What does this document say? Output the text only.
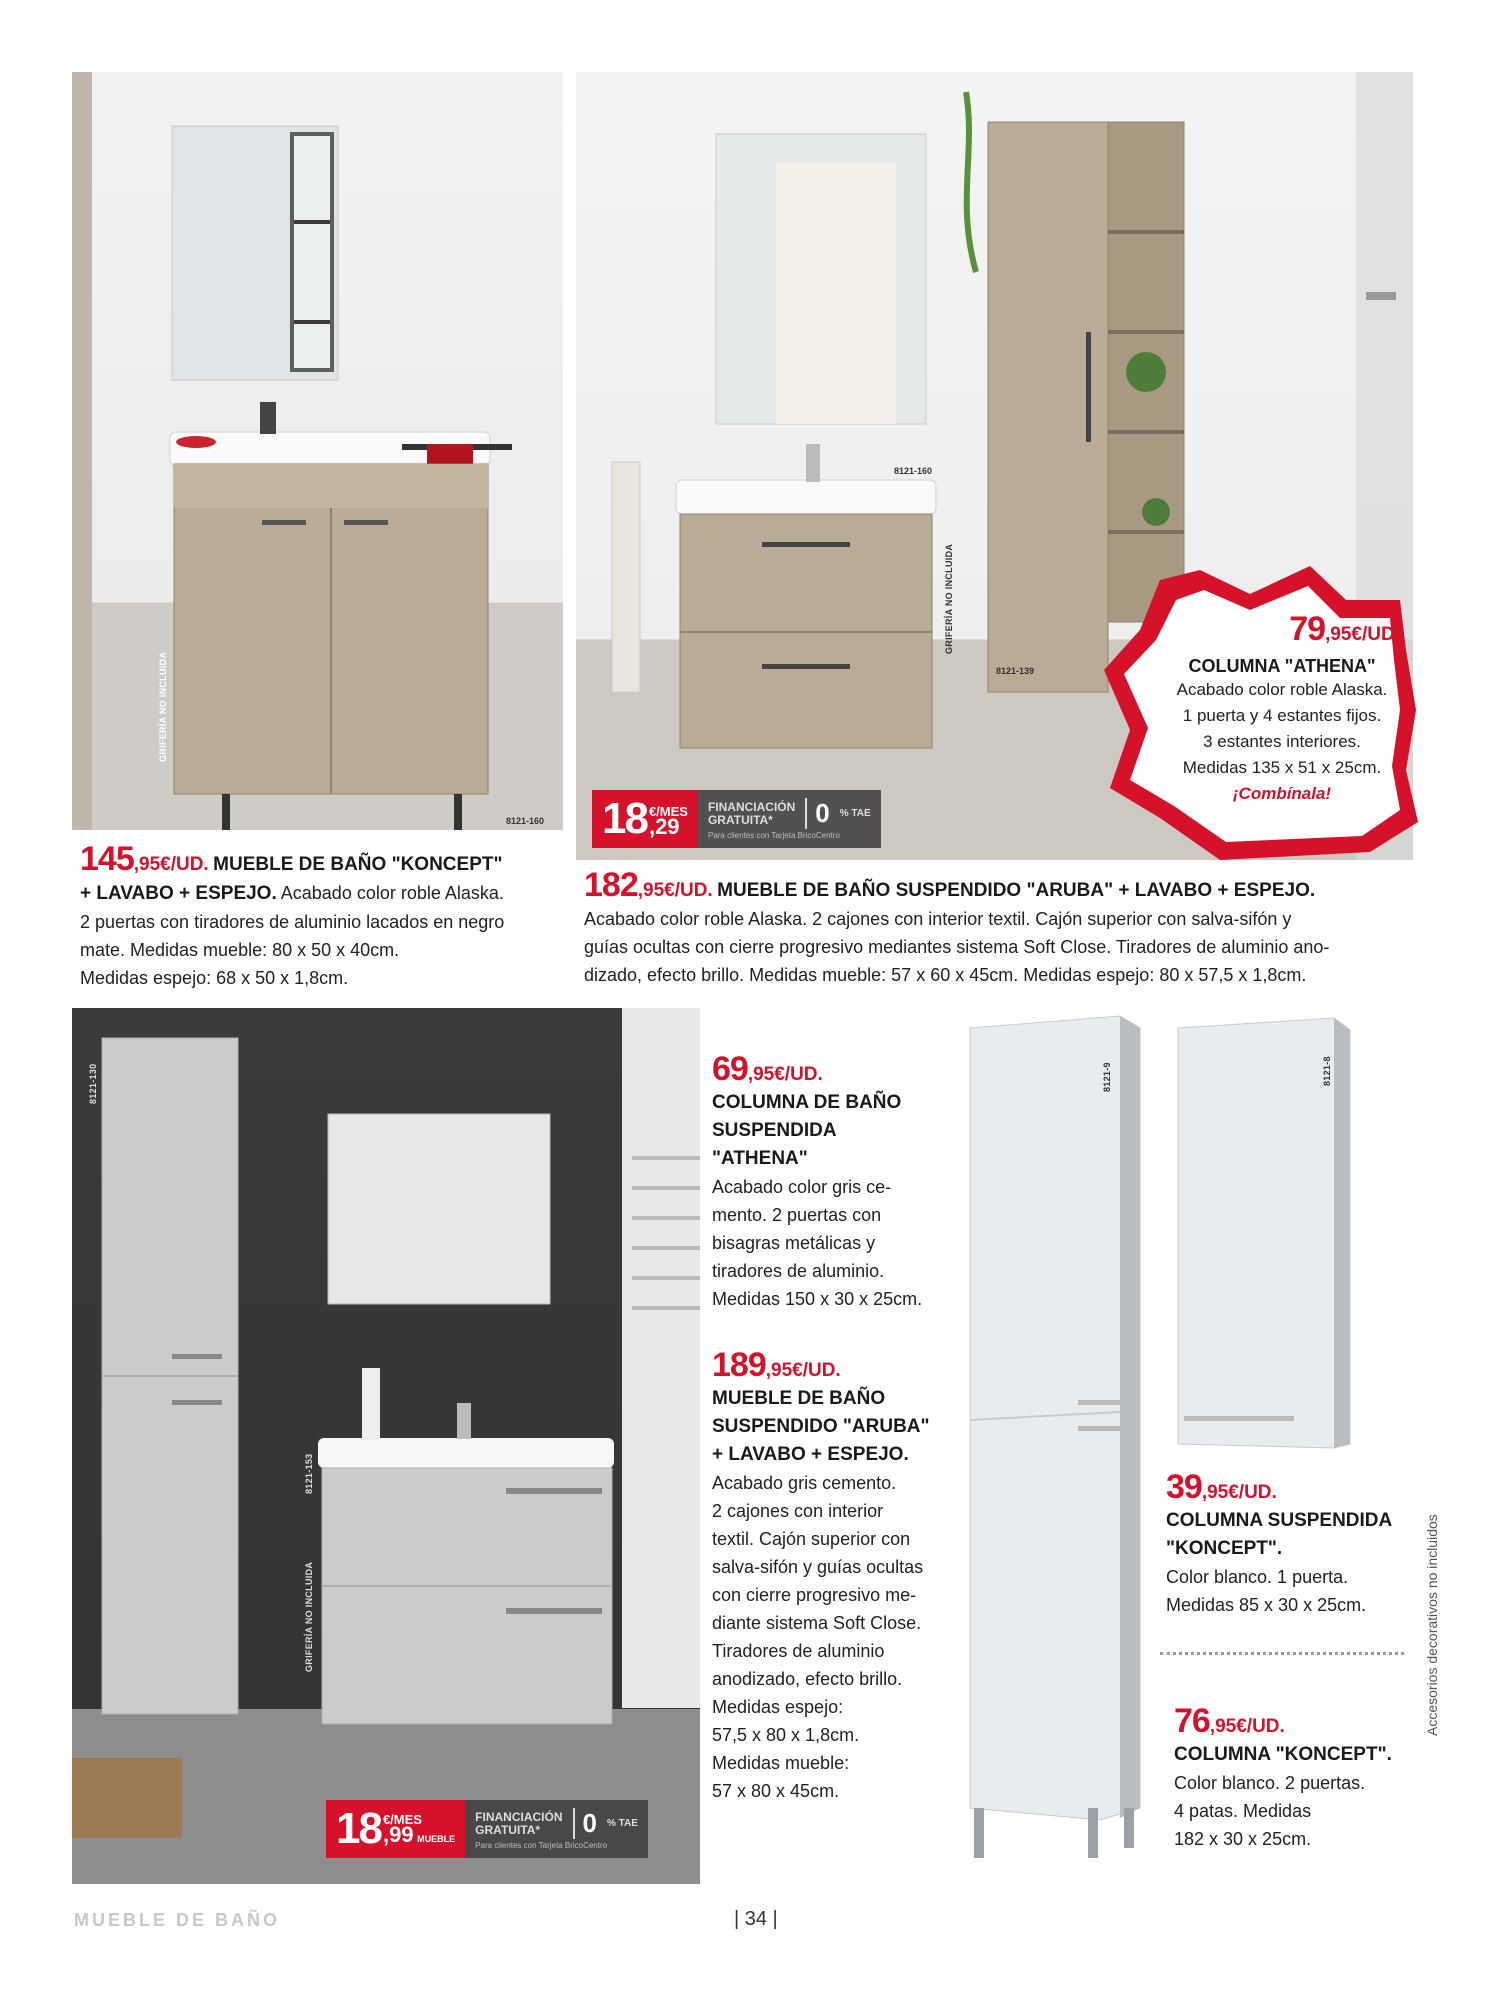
8121-160
GRIFERÍA NO INCLUIDA
8121-160
8121-139
GRIFERÍA NO INCLUIDA	79,95€/UD.
COLUMNA "ATHENA"
Acabado color roble Alaska.
1 puerta y 4 estantes fijos.
3 estantes interiores.
Medidas 135 x 51 x 25cm.
¡Combínala!
18 €/MES
,29
FINANCIACIÓN
GRATUITA*	0 % TAE
Para clientes con Tarjeta BricoCentro
145,95€/UD. MUEBLE DE BAÑO "KONCEPT"
+ LAVABO + ESPEJO. Acabado color roble Alaska.
2 puertas con tiradores de aluminio lacados en negro
mate. Medidas mueble: 80 x 50 x 40cm.
Medidas espejo: 68 x 50 x 1,8cm.
182,95€/UD. MUEBLE DE BAÑO SUSPENDIDO "ARUBA" + LAVABO + ESPEJO.
Acabado color roble Alaska. 2 cajones con interior textil. Cajón superior con salva-sifón y
guías ocultas con cierre progresivo mediantes sistema Soft Close. Tiradores de aluminio ano-
dizado, efecto brillo. Medidas mueble: 57 x 60 x 45cm. Medidas espejo: 80 x 57,5 x 1,8cm.
8121-130
8121-153
GRIFERÍA NO INCLUIDA
18 €/MES
,99 MUEBLE
FINANCIACIÓN
GRATUITA*	0 % TAE
Para clientes con Tarjeta BricoCentro
69,95€/UD.
COLUMNA DE BAÑO
SUSPENDIDA
"ATHENA"
Acabado color gris ce-
mento. 2 puertas con
bisagras metálicas y
tiradores de aluminio.
Medidas 150 x 30 x 25cm.
189,95€/UD.
MUEBLE DE BAÑO
SUSPENDIDO "ARUBA"
+ LAVABO + ESPEJO.
Acabado gris cemento.
2 cajones con interior
textil. Cajón superior con
salva-sifón y guías ocultas
con cierre progresivo me-
diante sistema Soft Close.
Tiradores de aluminio
anodizado, efecto brillo.
Medidas espejo:
57,5 x 80 x 1,8cm.
Medidas mueble:
57 x 80 x 45cm.
8121-9	8121-8
39,95€/UD.
COLUMNA SUSPENDIDA
"KONCEPT".
Color blanco. 1 puerta.
Medidas 85 x 30 x 25cm.
76,95€/UD.
COLUMNA "KONCEPT".
Color blanco. 2 puertas.
4 patas. Medidas
182 x 30 x 25cm.
Accesorios decorativos no incluidos
MUEBLE DE BAÑO	| 34 |
